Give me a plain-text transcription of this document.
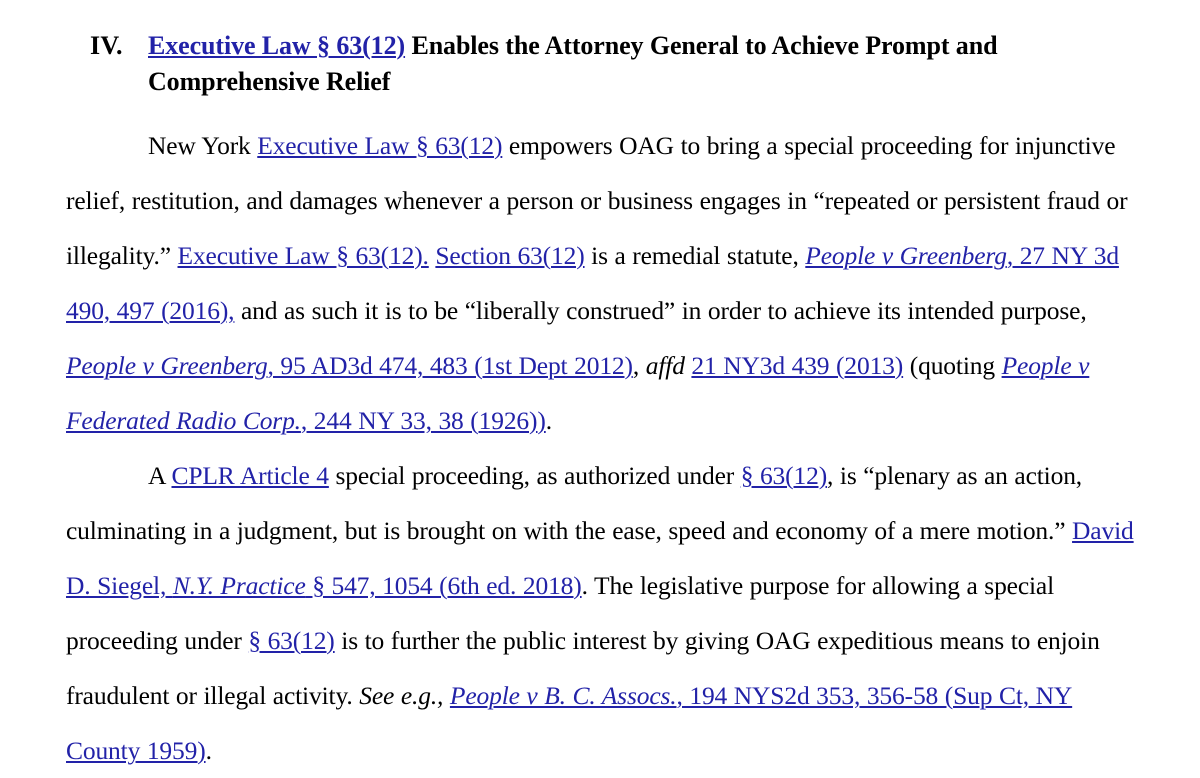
IV. Executive Law § 63(12) Enables the Attorney General to Achieve Prompt and Comprehensive Relief

New York Executive Law § 63(12) empowers OAG to bring a special proceeding for injunctive relief, restitution, and damages whenever a person or business engages in “repeated or persistent fraud or illegality.” Executive Law § 63(12). Section 63(12) is a remedial statute, People v Greenberg, 27 NY 3d 490, 497 (2016), and as such it is to be “liberally construed” in order to achieve its intended purpose, People v Greenberg, 95 AD3d 474, 483 (1st Dept 2012), affd 21 NY3d 439 (2013) (quoting People v Federated Radio Corp., 244 NY 33, 38 (1926)).

A CPLR Article 4 special proceeding, as authorized under § 63(12), is “plenary as an action, culminating in a judgment, but is brought on with the ease, speed and economy of a mere motion.” David D. Siegel, N.Y. Practice § 547, 1054 (6th ed. 2018). The legislative purpose for allowing a special proceeding under § 63(12) is to further the public interest by giving OAG expeditious means to enjoin fraudulent or illegal activity. See e.g., People v B. C. Assocs., 194 NYS2d 353, 356-58 (Sup Ct, NY County 1959).
